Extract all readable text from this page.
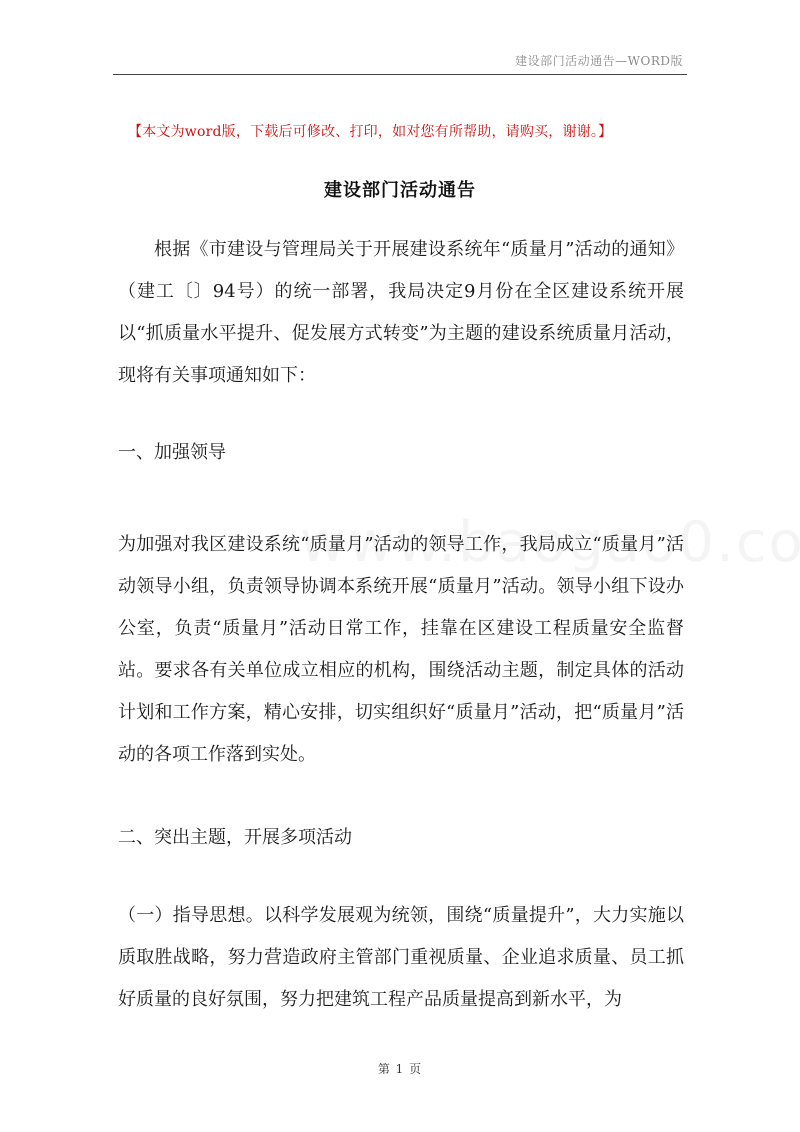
建设部门活动通告—WORD版
【本文为word版，下载后可修改、打印，如对您有所帮助，请购买，谢谢。】
建设部门活动通告
根据《市建设与管理局关于开展建设系统年“质量月”活动的通知》（建工〔〕94号）的统一部署，我局决定9月份在全区建设系统开展以“抓质量水平提升、促发展方式转变”为主题的建设系统质量月活动，现将有关事项通知如下：
一、加强领导
为加强对我区建设系统“质量月”活动的领导工作，我局成立“质量月”活动领导小组，负责领导协调本系统开展“质量月”活动。领导小组下设办公室，负责“质量月”活动日常工作，挂靠在区建设工程质量安全监督站。要求各有关单位成立相应的机构，围绕活动主题，制定具体的活动计划和工作方案，精心安排，切实组织好“质量月”活动，把“质量月”活动的各项工作落到实处。
二、突出主题，开展多项活动
（一）指导思想。以科学发展观为统领，围绕“质量提升”，大力实施以质取胜战略，努力营造政府主管部门重视质量、企业追求质量、员工抓好质量的良好氛围，努力把建筑工程产品质量提高到新水平，为
第 1 页
